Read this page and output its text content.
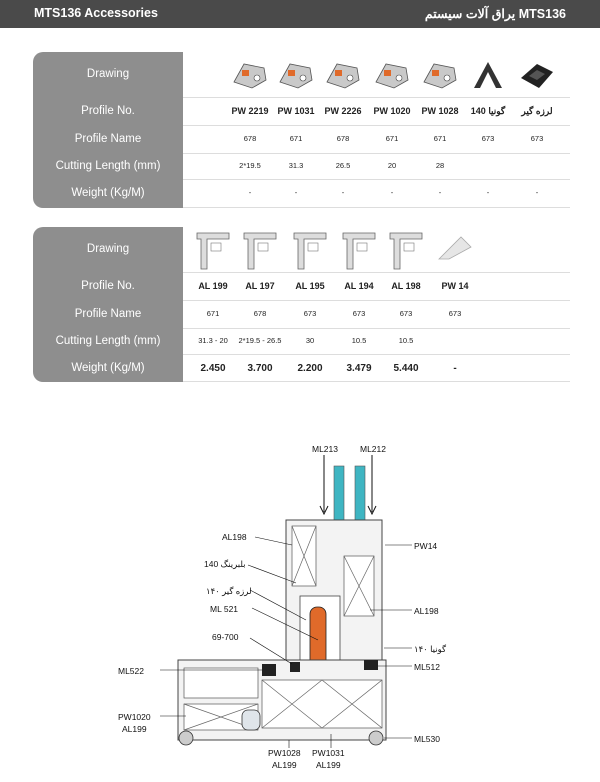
MTS136 Accessories	یراق آلات سیستم MTS136
Drawing
Profile No.	PW 2219 PW 1031	PW 2226	PW 1020	PW 1028	گونیا 140	لرزه گیر
Profile Name	678	671	678	671	671	673	673
Cutting Length (mm)	2*19.5	31.3	26.5	20	28
Weight (Kg/M)	-	-	-	-	-	-	-
Drawing
Profile No.	AL 199	AL 197	AL 195	AL 194	AL 198	PW 14
Profile Name	671	678	673	673	673	673
Cutting Length (mm)	31.3 - 20	2*19.5 - 26.5	30	10.5	10.5
Weight (Kg/M)	2.450	3.700	2.200	3.479	5.440	-
ML213	ML212
AL198
PW14
بلبرینگ 140
لرزه گیر ۱۴۰
ML 521	AL198
69-700
گونیا ۱۴۰
ML522	ML512
PW1020
AL199
ML530
PW1028
AL199
PW1031
AL199
